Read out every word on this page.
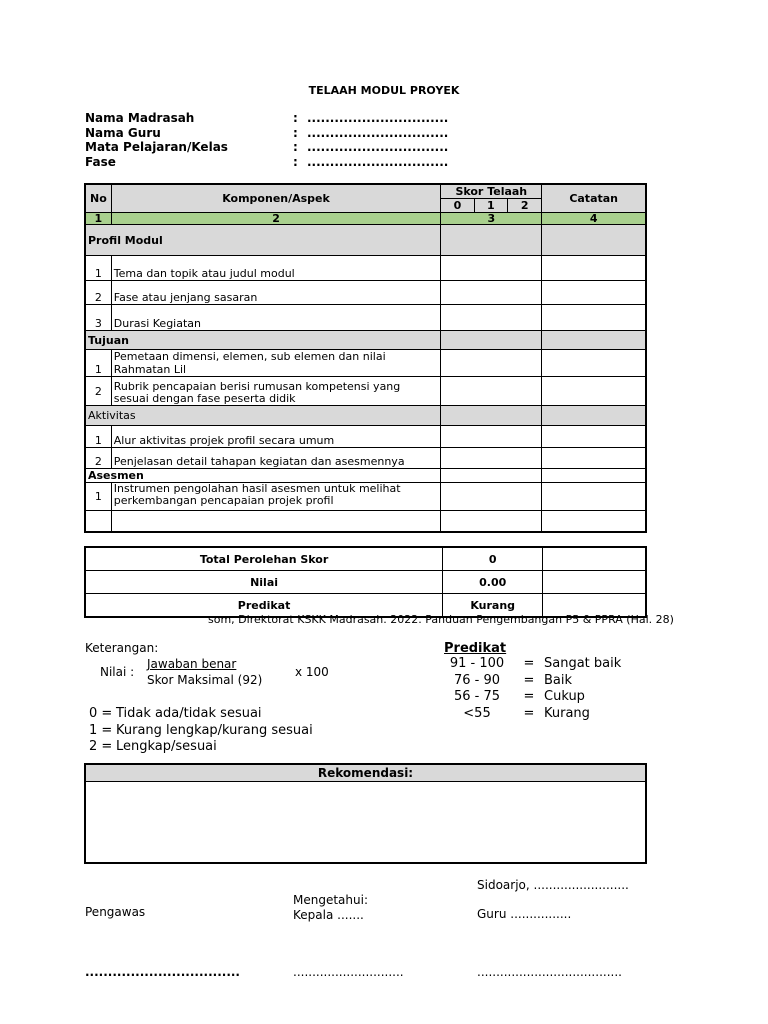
TELAAH MODUL PROYEK
Nama Madrasah	: ...............................
Nama Guru	: ...............................
Mata Pelajaran/Kelas	: ...............................
Fase	: ...............................
No	Komponen/Aspek	Skor Telaah			Catatan
		0	1	2	
1	2	3			4
Profil Modul					
1	Tema dan topik atau judul modul				
2	Fase atau jenjang sasaran				
3	Durasi Kegiatan				
Tujuan					
1	Pemetaan dimensi, elemen, sub elemen dan nilai Rahmatan Lil				
2	Rubrik pencapaian berisi rumusan kompetensi yang sesuai dengan fase peserta didik				
Aktivitas					
1	Alur aktivitas projek profil secara umum				
2	Penjelasan detail tahapan kegiatan dan asesmennya				
Asesmen					
1	Instrumen pengolahan hasil asesmen untuk melihat perkembangan pencapaian projek profil				

Total Perolehan Skor	0	
Nilai	0.00	
Predikat	Kurang	
som, Direktorat KSKK Madrasah. 2022. Panduan Pengembangan P5 & PPRA (Hal. 28)
Keterangan:
Nilai :
Jawaban benar
Skor Maksimal (92)
x 100
0 = Tidak ada/tidak sesuai
1 = Kurang lengkap/kurang sesuai
2 = Lengkap/sesuai
Predikat
91 - 100 = Sangat baik
76 - 90 = Baik
56 - 75 = Cukup
<55	= Kurang
Rekomendasi:

Sidoarjo, .........................
Mengetahui:
Pengawas	Kepala .......	Guru ................
..................................	.............................	......................................
